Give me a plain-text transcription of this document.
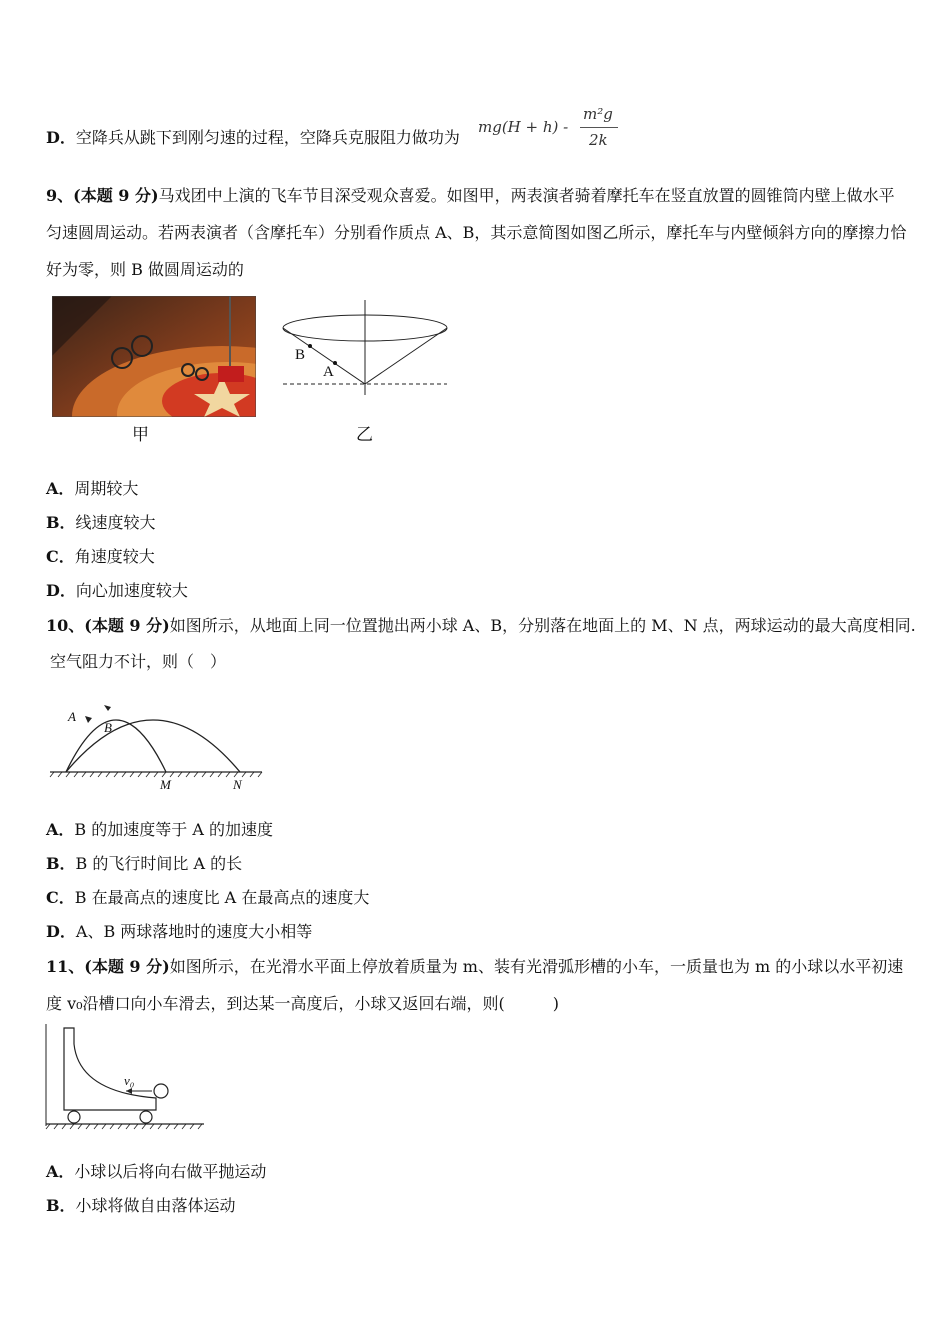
D．空降兵从跳下到刚匀速的过程，空降兵克服阻力做功为
mg(H + h) -
m²g
2k
9、(本题 9 分)马戏团中上演的飞车节目深受观众喜爱。如图甲，两表演者骑着摩托车在竖直放置的圆锥筒内壁上做水平匀速圆周运动。若两表演者（含摩托车）分别看作质点 A、B，其示意简图如图乙所示，摩托车与内壁倾斜方向的摩擦力恰好为零，则 B 做圆周运动的
甲
B
A
乙
A．周期较大
B．线速度较大
C．角速度较大
D．向心加速度较大
10、(本题 9 分)如图所示，从地面上同一位置抛出两小球 A、B，分别落在地面上的 M、N 点，两球运动的最大高度相同.
空气阻力不计，则（　）
A
B
M	N
A．B 的加速度等于 A 的加速度
B．B 的飞行时间比 A 的长
C．B 在最高点的速度比 A 在最高点的速度大
D．A、B 两球落地时的速度大小相等
11、(本题 9 分)如图所示，在光滑水平面上停放着质量为 m、装有光滑弧形槽的小车，一质量也为 m 的小球以水平初速
度 v₀沿槽口向小车滑去，到达某一高度后，小球又返回右端，则(　　　)
v₀
A．小球以后将向右做平抛运动
B．小球将做自由落体运动
